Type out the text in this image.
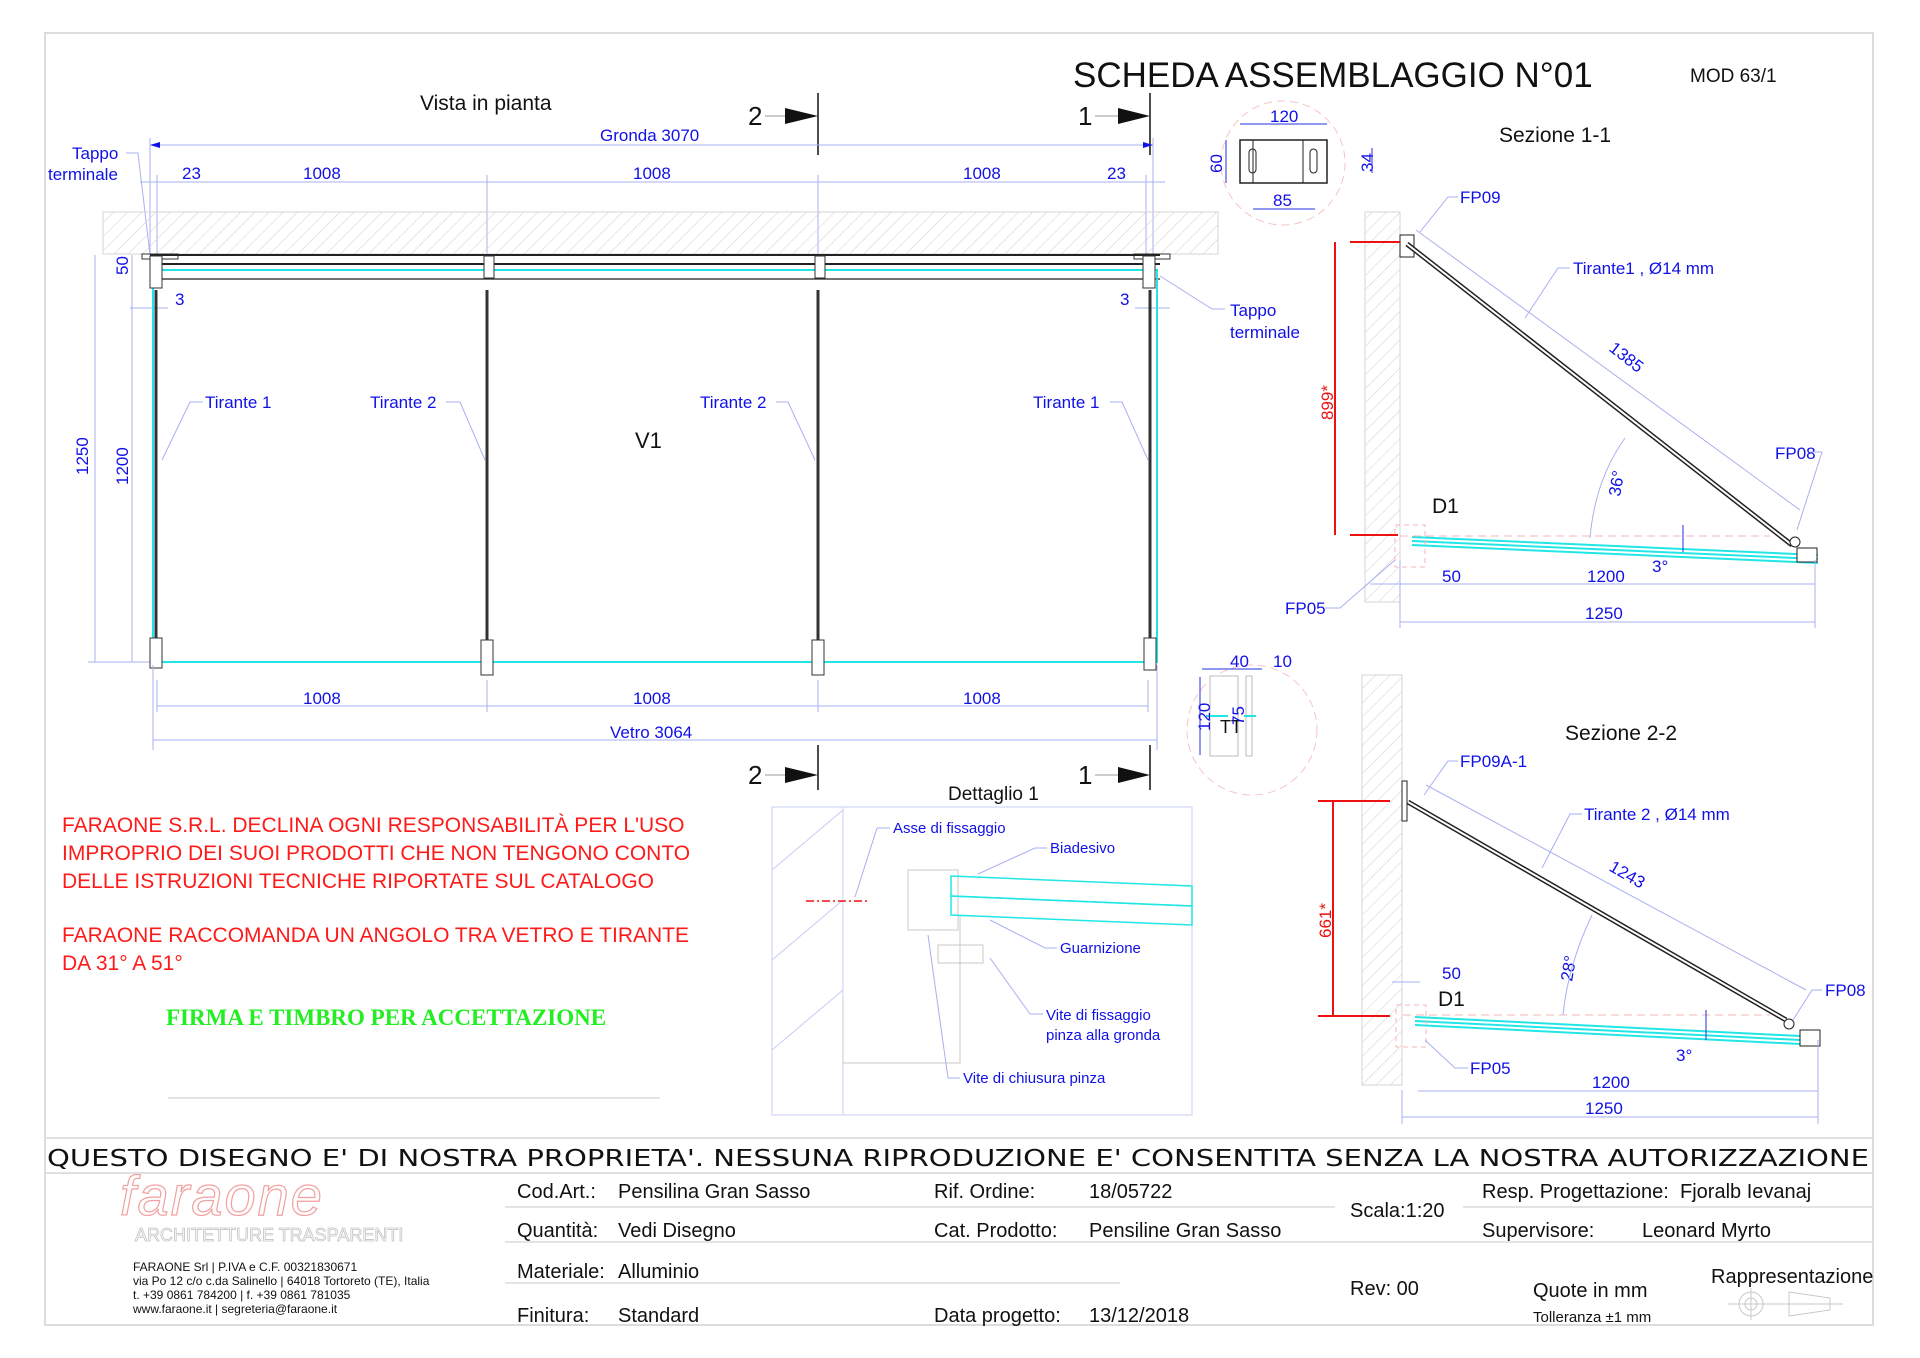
SCHEDA ASSEMBLAGGIO N°01	MOD 63/1
Vista in pianta	2	1
Gronda 3070
23	1008	1008	1008	23
Tappo
terminale
50
1250 1200
3	3
Tappo
terminale
V1
Tirante 1	Tirante 2	Tirante 2	Tirante 1
1008	1008	1008
Vetro 3064
2	1
120
60
85
34
Sezione 1-1
899*
FP09
Tirante1 , Ø14 mm
1385
36°
FP08
D1
FP05
50	1200
3°
1250
TT
40 10
120 75
Sezione 2-2
661*
FP09A-1
Tirante 2 , Ø14 mm
1243
28°
FP08
50
D1
FP05
3°
1200
1250
Dettaglio 1
Asse di fissaggio
Biadesivo
Guarnizione
Vite di fissaggio
pinza alla gronda
Vite di chiusura pinza
FARAONE S.R.L. DECLINA OGNI RESPONSABILITÀ PER L'USO
IMPROPRIO DEI SUOI PRODOTTI CHE NON TENGONO CONTO
DELLE ISTRUZIONI TECNICHE RIPORTATE SUL CATALOGO
FARAONE RACCOMANDA UN ANGOLO TRA VETRO E TIRANTE
DA 31° A 51°
FIRMA E TIMBRO PER ACCETTAZIONE
QUESTO DISEGNO E' DI NOSTRA PROPRIETA'. NESSUNA RIPRODUZIONE E' CONSENTITA SENZA LA NOSTRA AUTORIZZAZIONE
faraone
ARCHITETTURE TRASPARENTI
FARAONE Srl | P.IVA e C.F. 00321830671
via Po 12 c/o c.da Salinello | 64018 Tortoreto (TE), Italia
t. +39 0861 784200 | f. +39 0861 781035
www.faraone.it | segreteria@faraone.it
Cod.Art.: Pensilina Gran Sasso
Quantità: Vedi Disegno
Materiale: Alluminio
Finitura: Standard
Rif. Ordine:	18/05722
Cat. Prodotto: Pensiline Gran Sasso
Data progetto: 13/12/2018
Scala:1:20
Rev: 00
Resp. Progettazione: Fjoralb Ievanaj
Supervisore: Leonard Myrto
Quote in mm
Tolleranza ±1 mm
Rappresentazione
